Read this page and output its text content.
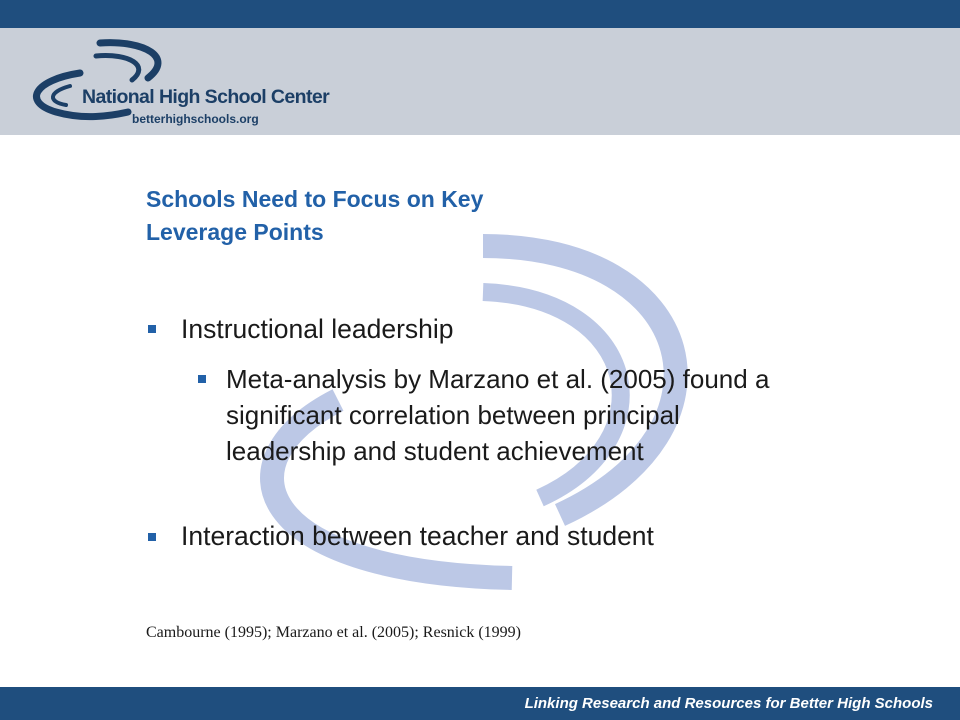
National High School Center
betterhighschools.org
Schools Need to Focus on Key
Leverage Points
Instructional leadership
Meta-analysis by Marzano et al. (2005) found a significant correlation between principal leadership and student achievement
Interaction between teacher and student
Cambourne (1995); Marzano et al. (2005); Resnick (1999)
Linking Research and Resources for Better High Schools
